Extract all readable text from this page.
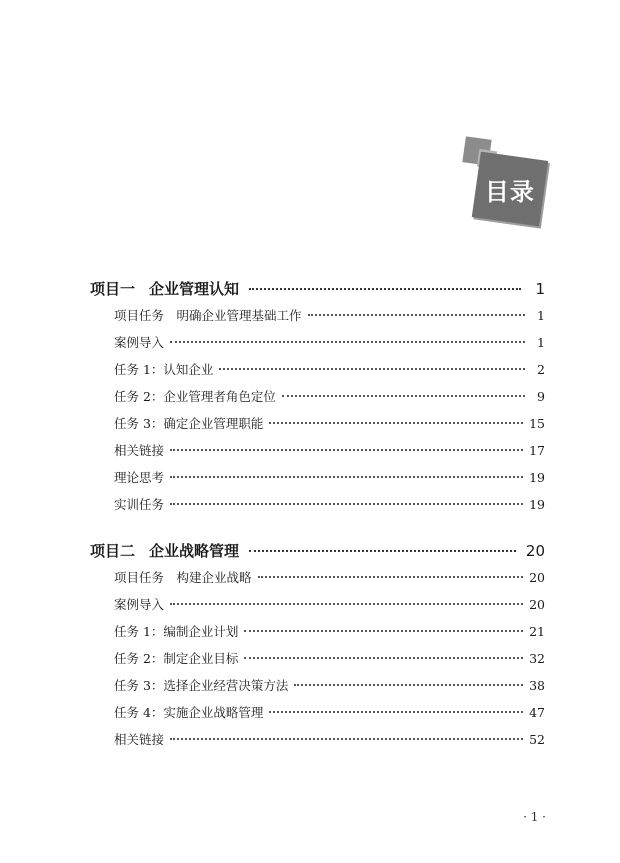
目录
项目一 企业管理认知	1
项目任务　明确企业管理基础工作	1
案例导入	1
任务 1：认知企业	2
任务 2：企业管理者角色定位	9
任务 3：确定企业管理职能	15
相关链接	17
理论思考	19
实训任务	19
项目二 企业战略管理	20
项目任务　构建企业战略	20
案例导入	20
任务 1：编制企业计划	21
任务 2：制定企业目标	32
任务 3：选择企业经营决策方法	38
任务 4：实施企业战略管理	47
相关链接	52
· 1 ·
